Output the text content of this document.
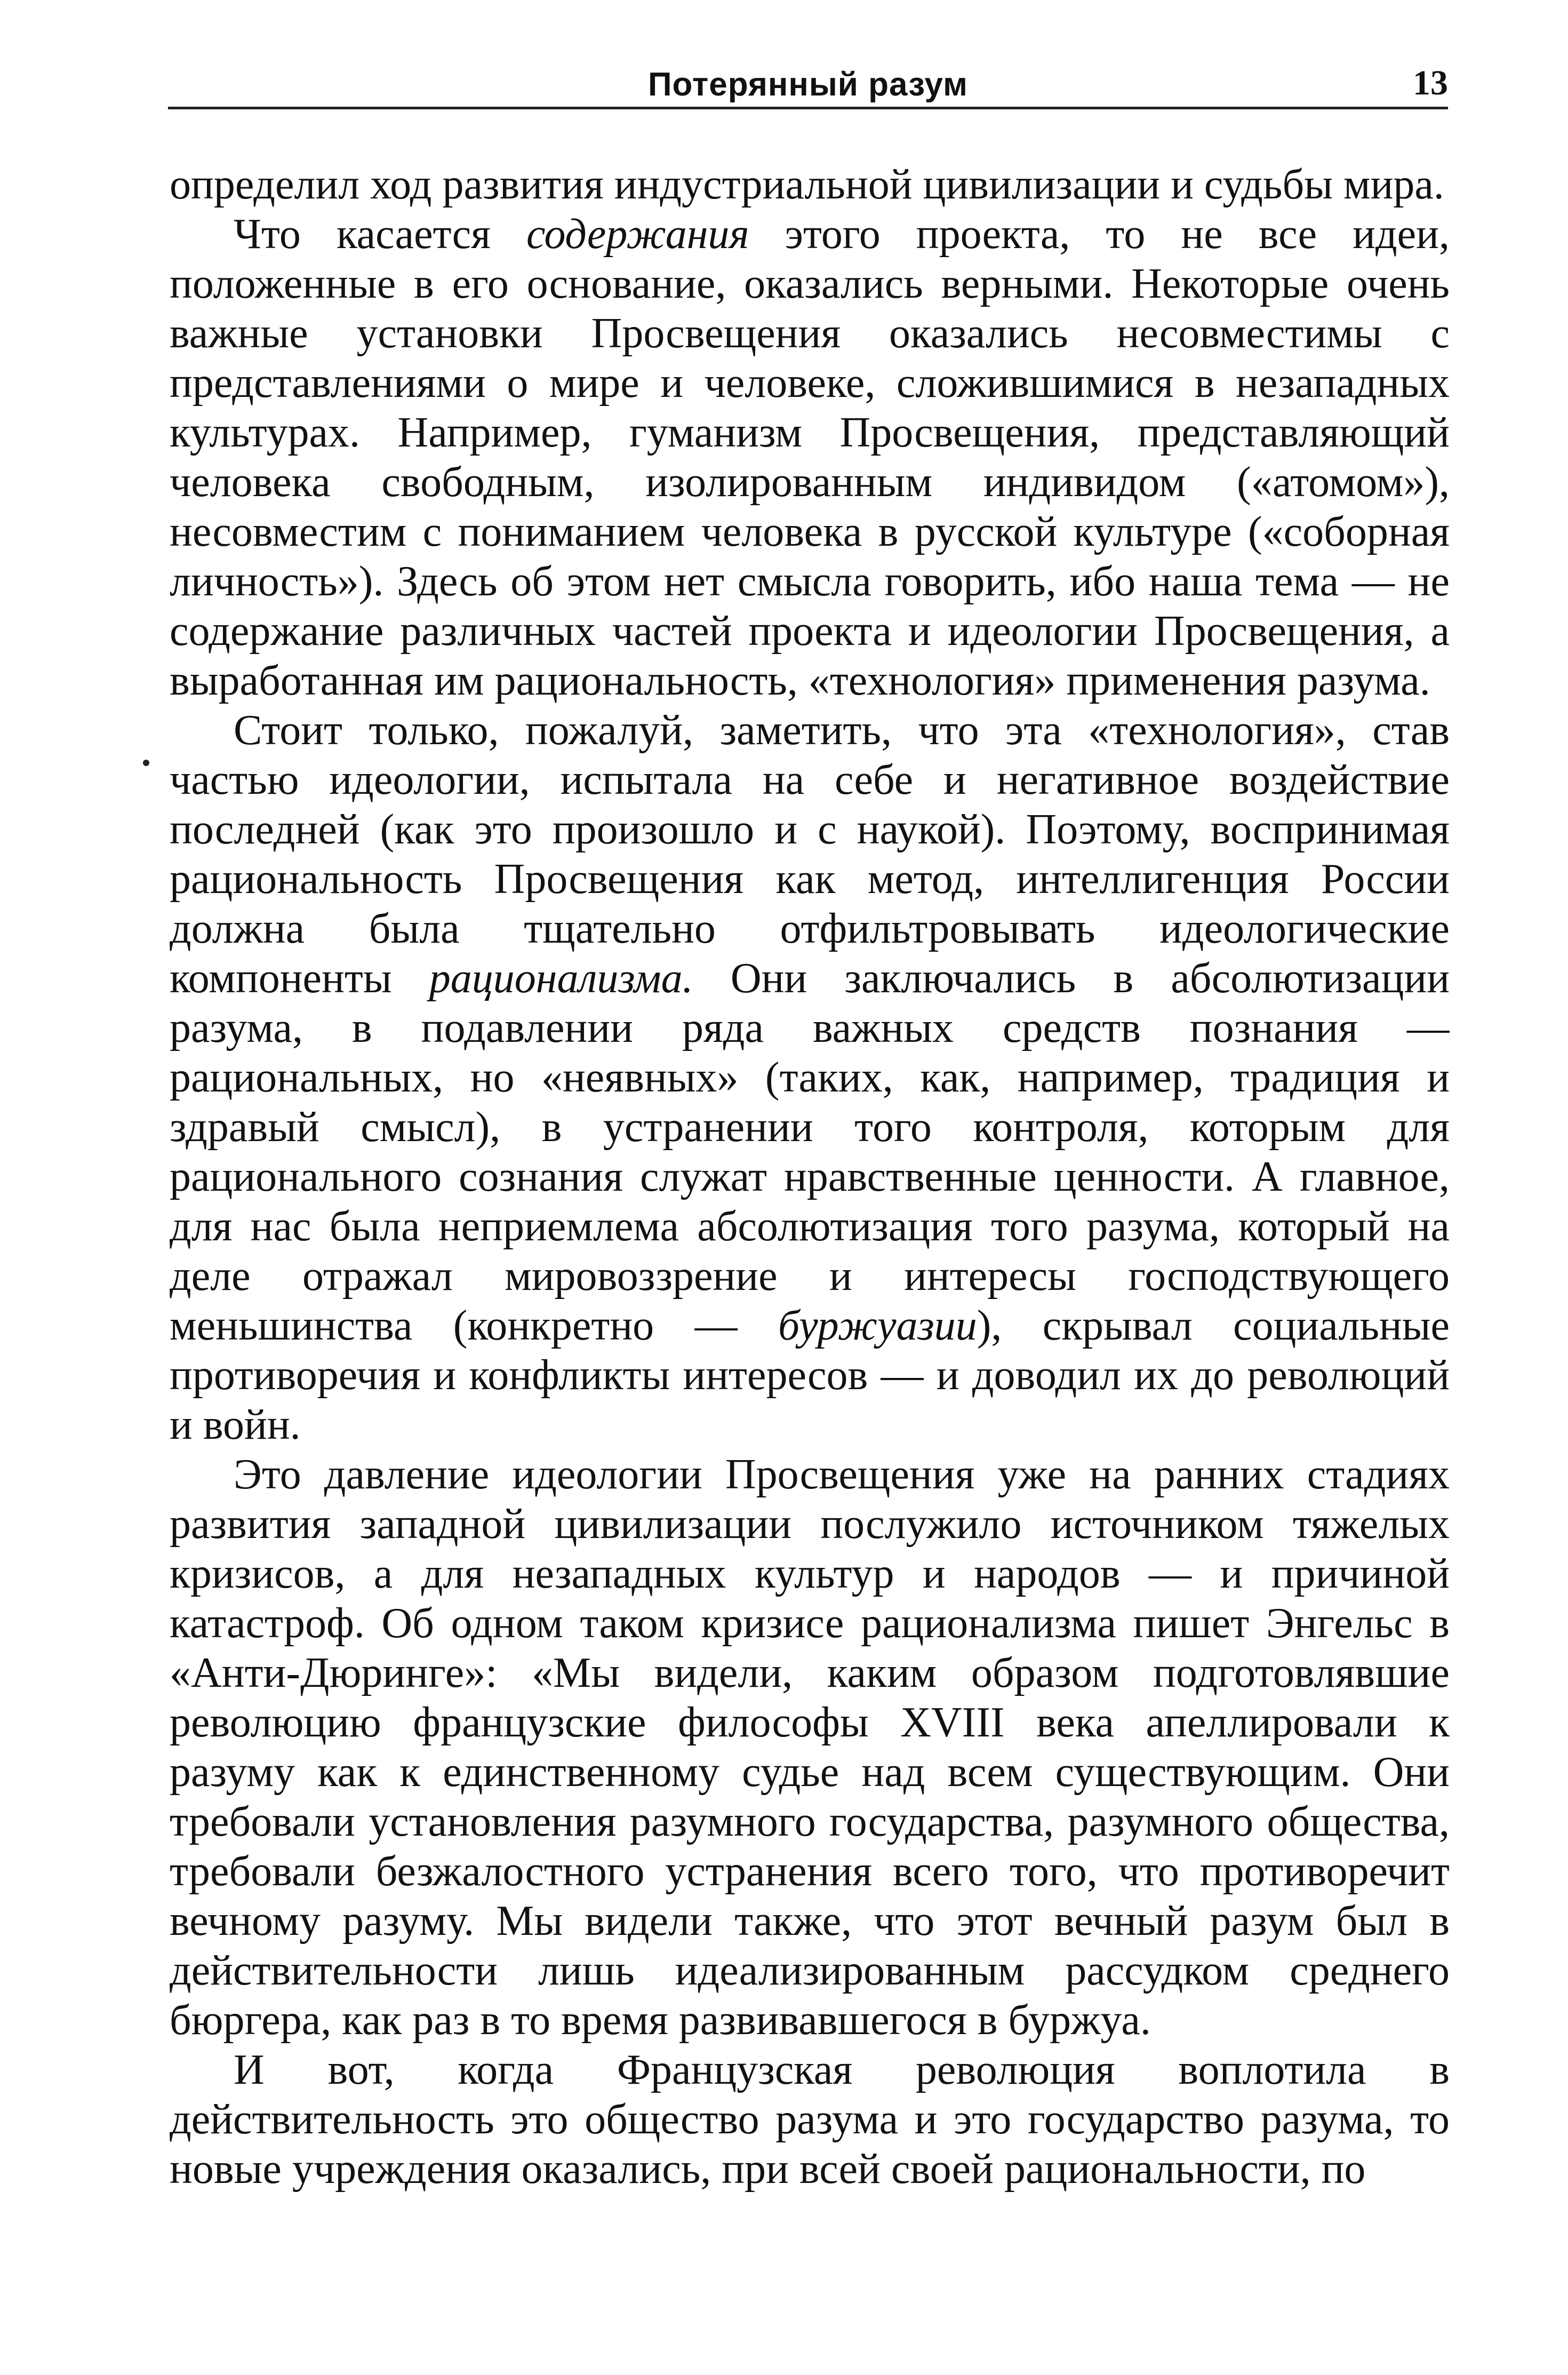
Потерянный разум	13

определил ход развития индустриальной цивилизации и судьбы мира.

Что касается содержания этого проекта, то не все идеи, положенные в его основание, оказались верными. Некоторые очень важные установки Просвещения оказались несовместимы с представлениями о мире и человеке, сложившимися в незападных культурах. Например, гуманизм Просвещения, представляющий человека свободным, изолированным индивидом («атомом»), несовместим с пониманием человека в русской культуре («соборная личность»). Здесь об этом нет смысла говорить, ибо наша тема — не содержание различных частей проекта и идеологии Просвещения, а выработанная им рациональность, «технология» применения разума.

Стоит только, пожалуй, заметить, что эта «технология», став частью идеологии, испытала на себе и негативное воздействие последней (как это произошло и с наукой). Поэтому, воспринимая рациональность Просвещения как метод, интеллигенция России должна была тщательно отфильтровывать идеологические компоненты рационализма. Они заключались в абсолютизации разума, в подавлении ряда важных средств познания — рациональных, но «неявных» (таких, как, например, традиция и здравый смысл), в устранении того контроля, которым для рационального сознания служат нравственные ценности. А главное, для нас была неприемлема абсолютизация того разума, который на деле отражал мировоззрение и интересы господствующего меньшинства (конкретно — буржуазии), скрывал социальные противоречия и конфликты интересов — и доводил их до революций и войн.

Это давление идеологии Просвещения уже на ранних стадиях развития западной цивилизации послужило источником тяжелых кризисов, а для незападных культур и народов — и причиной катастроф. Об одном таком кризисе рационализма пишет Энгельс в «Анти-Дюринге»: «Мы видели, каким образом подготовлявшие революцию французские философы XVIII века апеллировали к разуму как к единственному судье над всем существующим. Они требовали установления разумного государства, разумного общества, требовали безжалостного устранения всего того, что противоречит вечному разуму. Мы видели также, что этот вечный разум был в действительности лишь идеализированным рассудком среднего бюргера, как раз в то время развивавшегося в буржуа.

И вот, когда Французская революция воплотила в действительность это общество разума и это государство разума, то новые учреждения оказались, при всей своей рациональности, по
